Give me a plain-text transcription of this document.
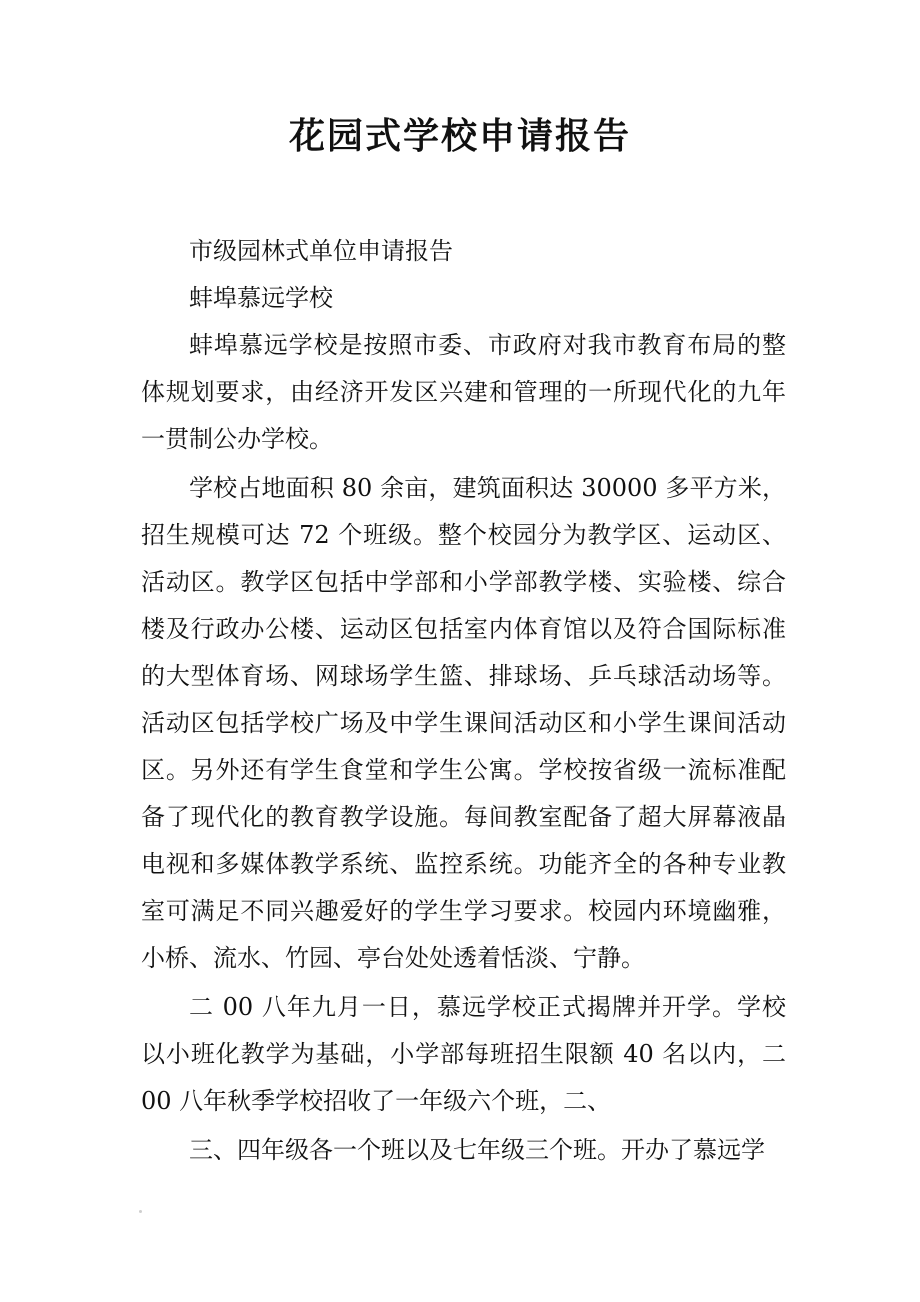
花园式学校申请报告

市级园林式单位申请报告

蚌埠慕远学校

蚌埠慕远学校是按照市委、市政府对我市教育布局的整体规划要求，由经济开发区兴建和管理的一所现代化的九年一贯制公办学校。

学校占地面积 80 余亩，建筑面积达 30000 多平方米，招生规模可达 72 个班级。整个校园分为教学区、运动区、活动区。教学区包括中学部和小学部教学楼、实验楼、综合楼及行政办公楼、运动区包括室内体育馆以及符合国际标准的大型体育场、网球场学生篮、排球场、乒乓球活动场等。活动区包括学校广场及中学生课间活动区和小学生课间活动区。另外还有学生食堂和学生公寓。学校按省级一流标准配备了现代化的教育教学设施。每间教室配备了超大屏幕液晶电视和多媒体教学系统、监控系统。功能齐全的各种专业教室可满足不同兴趣爱好的学生学习要求。校园内环境幽雅，小桥、流水、竹园、亭台处处透着恬淡、宁静。

二 00 八年九月一日，慕远学校正式揭牌并开学。学校以小班化教学为基础，小学部每班招生限额 40 名以内，二 00 八年秋季学校招收了一年级六个班，二、

三、四年级各一个班以及七年级三个班。开办了慕远学
